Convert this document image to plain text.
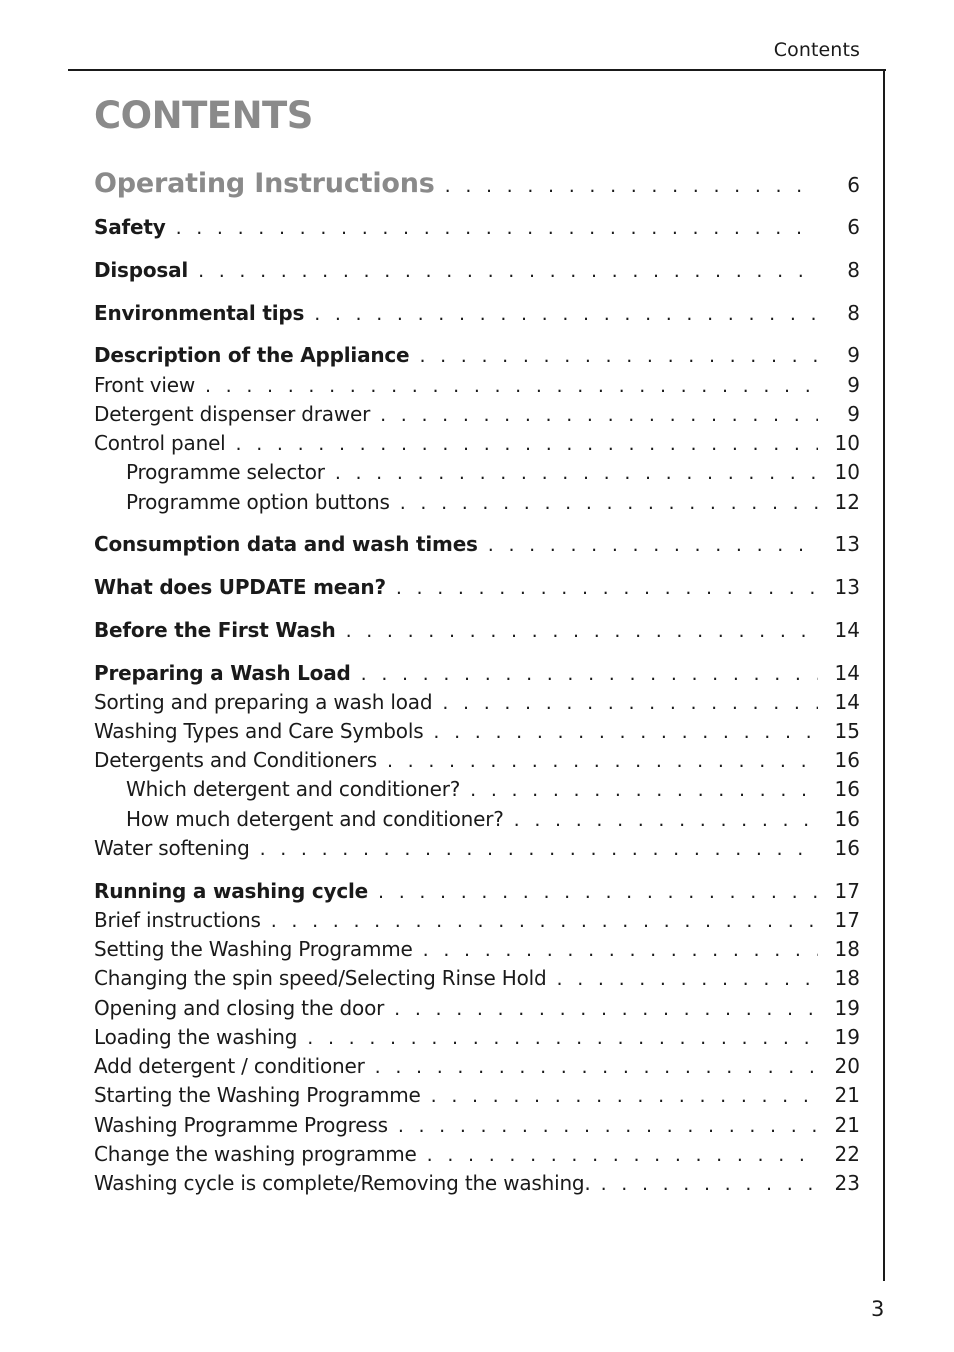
Contents
CONTENTS
Operating Instructions . . .	6
Safety . . .	6
Disposal . . .	8
Environmental tips . . .	8
Description of the Appliance . . .	9
Front view . . .	9
Detergent dispenser drawer . . .	9
Control panel . . .	10
Programme selector . . .	10
Programme option buttons . . .	12
Consumption data and wash times . . .	13
What does UPDATE mean? . . .	13
Before the First Wash . . .	14
Preparing a Wash Load . . .	14
Sorting and preparing a wash load . . .	14
Washing Types and Care Symbols . . .	15
Detergents and Conditioners . . .	16
Which detergent and conditioner? . . .	16
How much detergent and conditioner? . . .	16
Water softening . . .	16
Running a washing cycle . . .	17
Brief instructions . . .	17
Setting the Washing Programme . . .	18
Changing the spin speed/Selecting Rinse Hold . . .	18
Opening and closing the door . . .	19
Loading the washing . . .	19
Add detergent / conditioner . . .	20
Starting the Washing Programme . . .	21
Washing Programme Progress . . .	21
Change the washing programme . . .	22
Washing cycle is complete/Removing the washing. . . .	23
3
